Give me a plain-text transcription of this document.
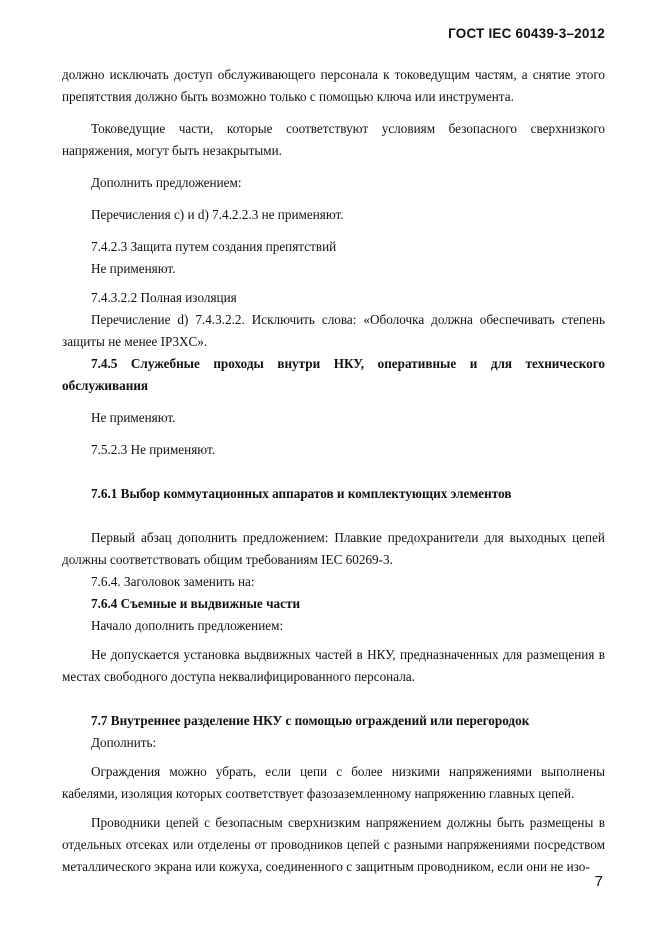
ГОСТ IEC 60439-3–2012

должно исключать доступ обслуживающего персонала к токоведущим частям, а снятие этого препятствия должно быть возможно только с помощью ключа или инструмента.

Токоведущие части, которые соответствуют условиям безопасного сверхнизкого напряжения, могут быть незакрытыми.

Дополнить предложением:

Перечисления c) и d) 7.4.2.2.3 не применяют.

7.4.2.3 Защита путем создания препятствий

Не применяют.

7.4.3.2.2 Полная изоляция

Перечисление d) 7.4.3.2.2. Исключить слова: «Оболочка должна обеспечивать степень защиты не менее IP3XC».

7.4.5 Служебные проходы внутри НКУ, оперативные и для технического обслуживания

Не применяют.

7.5.2.3 Не применяют.

7.6.1 Выбор коммутационных аппаратов и комплектующих элементов

Первый абзац дополнить предложением: Плавкие предохранители для выходных цепей должны соответствовать общим требованиям IEC 60269-3.

7.6.4. Заголовок заменить на:

7.6.4 Съемные и выдвижные части

Начало дополнить предложением:

Не допускается установка выдвижных частей в НКУ, предназначенных для размещения в местах свободного доступа неквалифицированного персонала.

7.7 Внутреннее разделение НКУ с помощью ограждений или перегородок

Дополнить:

Ограждения можно убрать, если цепи с более низкими напряжениями выполнены кабелями, изоляция которых соответствует фазозаземленному напряжению главных цепей.

Проводники цепей с безопасным сверхнизким напряжением должны быть размещены в отдельных отсеках или отделены от проводников цепей с разными напряжениями посредством металлического экрана или кожуха, соединенного с защитным проводником, если они не изо-

7
